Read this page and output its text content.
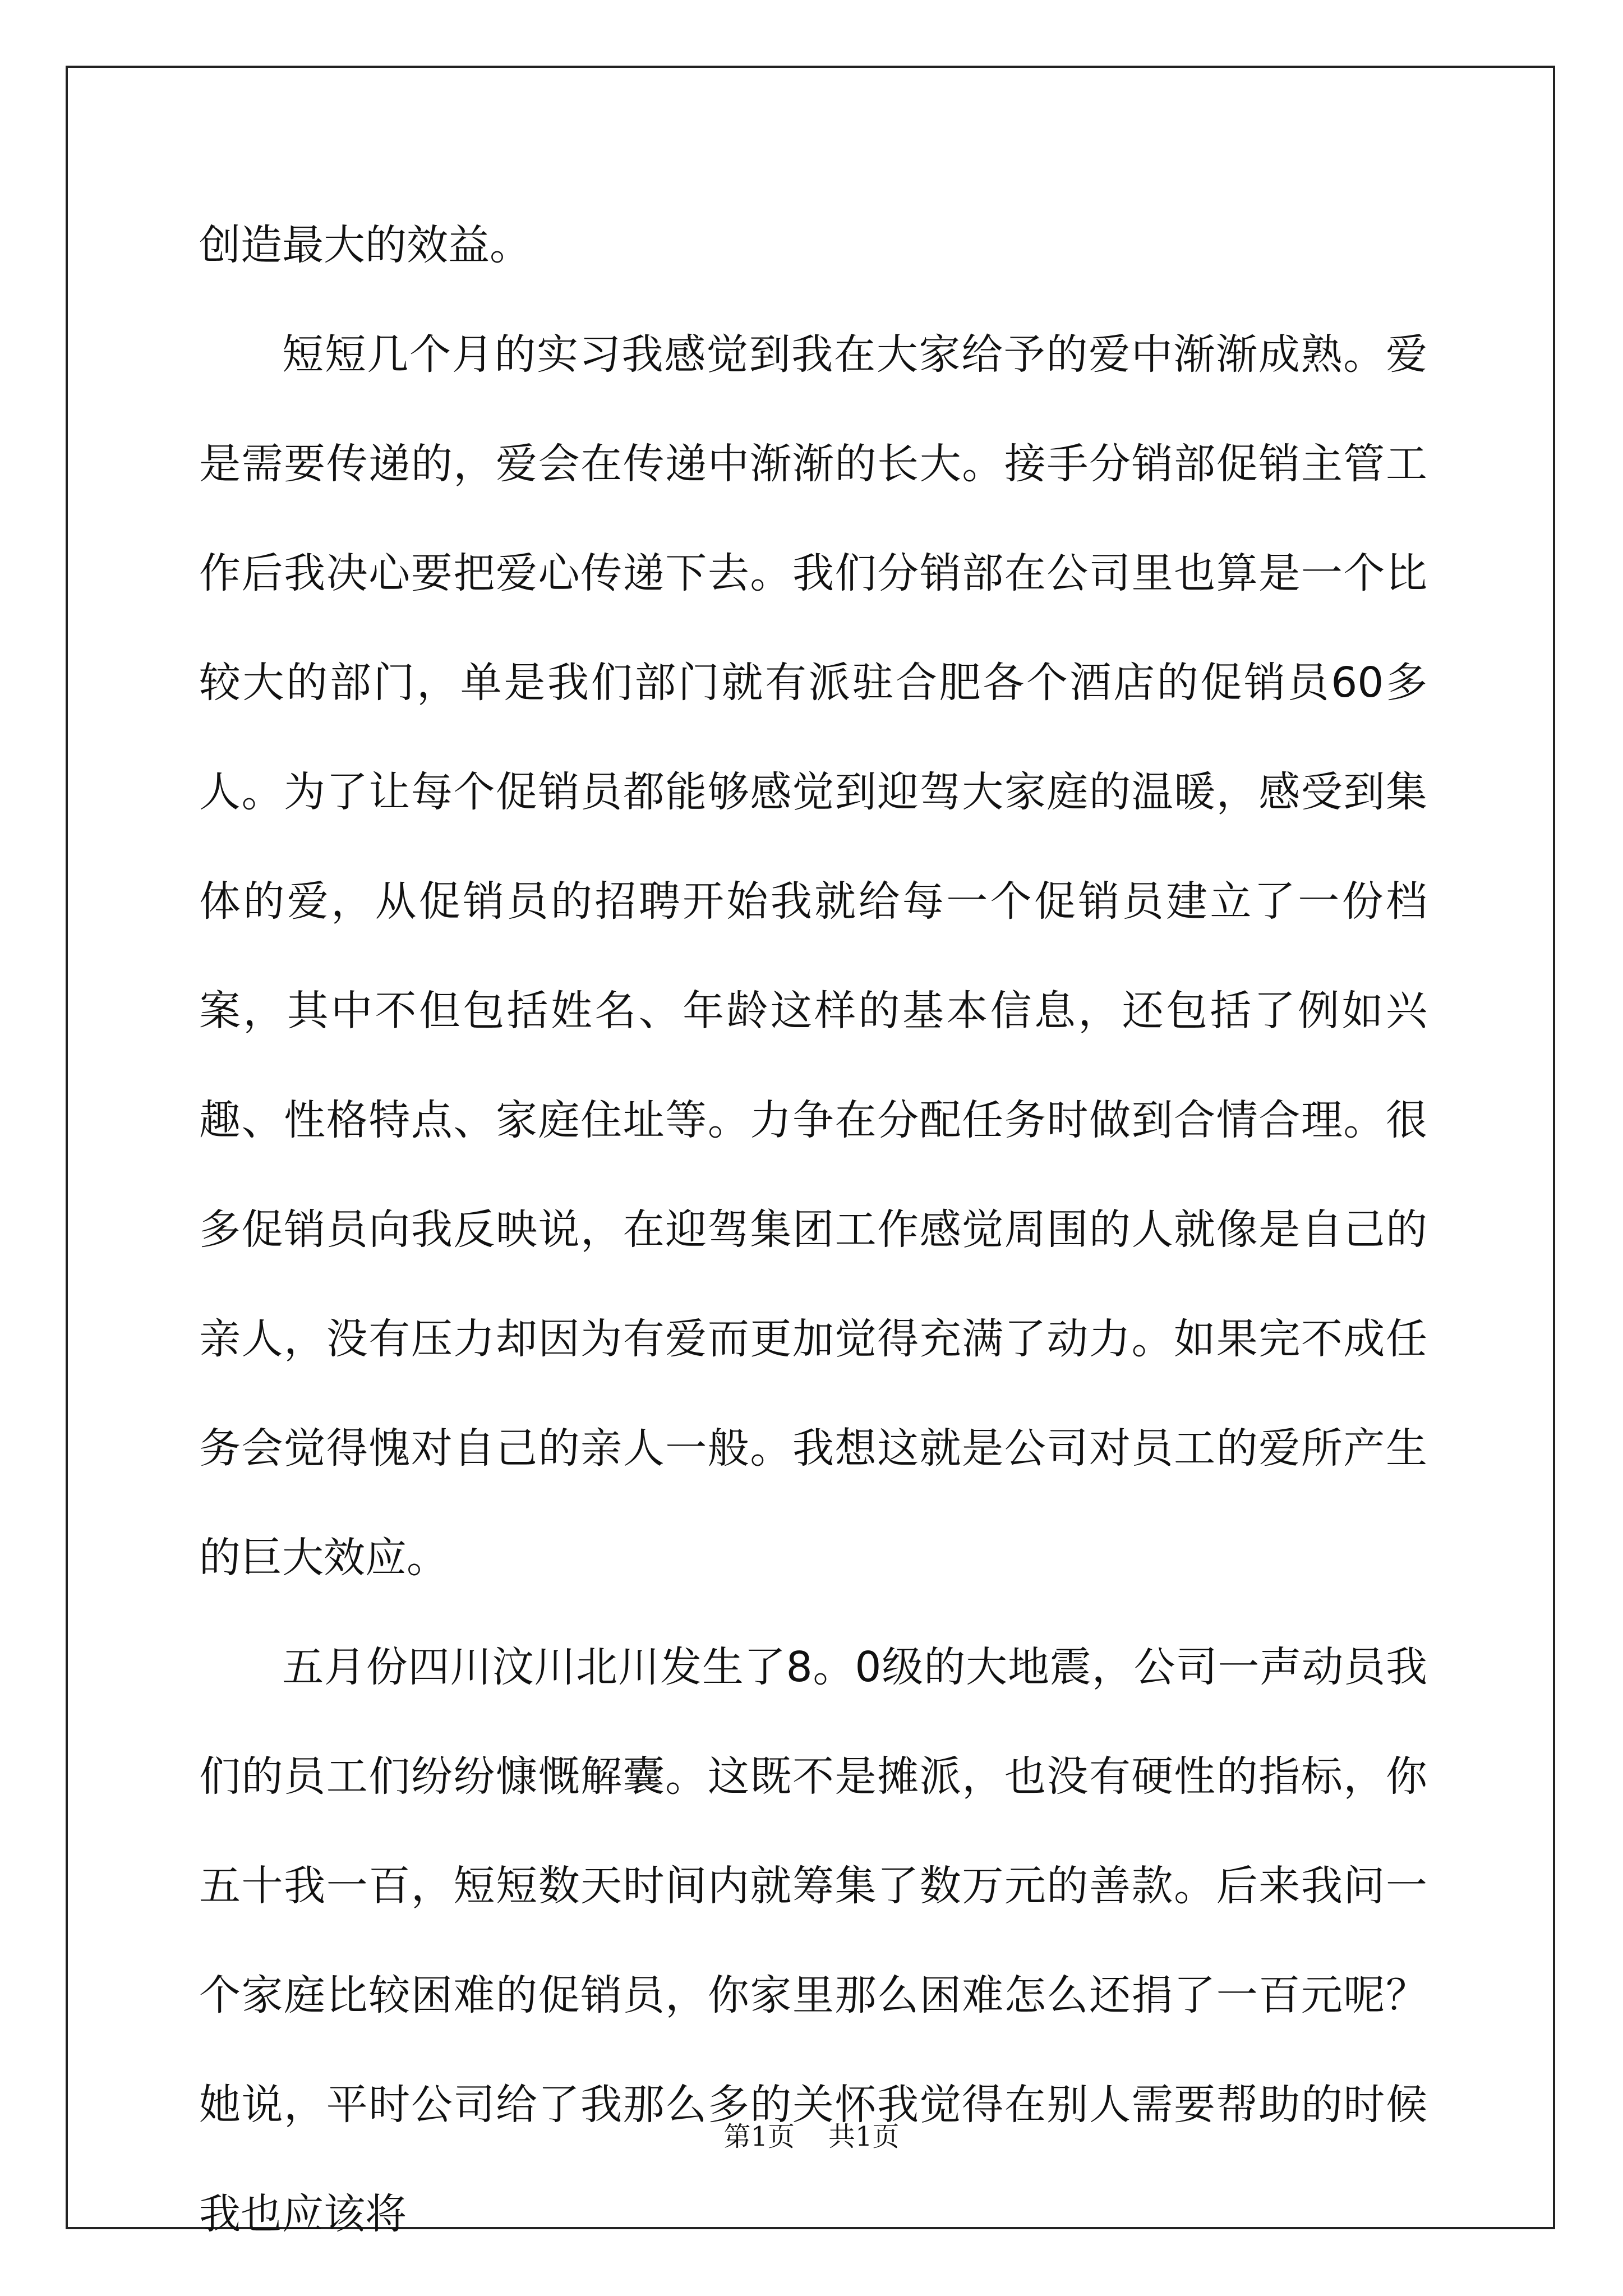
创造最大的效益。

短短几个月的实习我感觉到我在大家给予的爱中渐渐成熟。爱是需要传递的，爱会在传递中渐渐的长大。接手分销部促销主管工作后我决心要把爱心传递下去。我们分销部在公司里也算是一个比较大的部门，单是我们部门就有派驻合肥各个酒店的促销员60多人。为了让每个促销员都能够感觉到迎驾大家庭的温暖，感受到集体的爱，从促销员的招聘开始我就给每一个促销员建立了一份档案，其中不但包括姓名、年龄这样的基本信息，还包括了例如兴趣、性格特点、家庭住址等。力争在分配任务时做到合情合理。很多促销员向我反映说，在迎驾集团工作感觉周围的人就像是自己的亲人，没有压力却因为有爱而更加觉得充满了动力。如果完不成任务会觉得愧对自己的亲人一般。我想这就是公司对员工的爱所产生的巨大效应。

五月份四川汶川北川发生了8。0级的大地震，公司一声动员我们的员工们纷纷慷慨解囊。这既不是摊派，也没有硬性的指标，你五十我一百，短短数天时间内就筹集了数万元的善款。后来我问一个家庭比较困难的促销员，你家里那么困难怎么还捐了一百元呢？她说，平时公司给了我那么多的关怀我觉得在别人需要帮助的时候我也应该将

第1页 共1页
